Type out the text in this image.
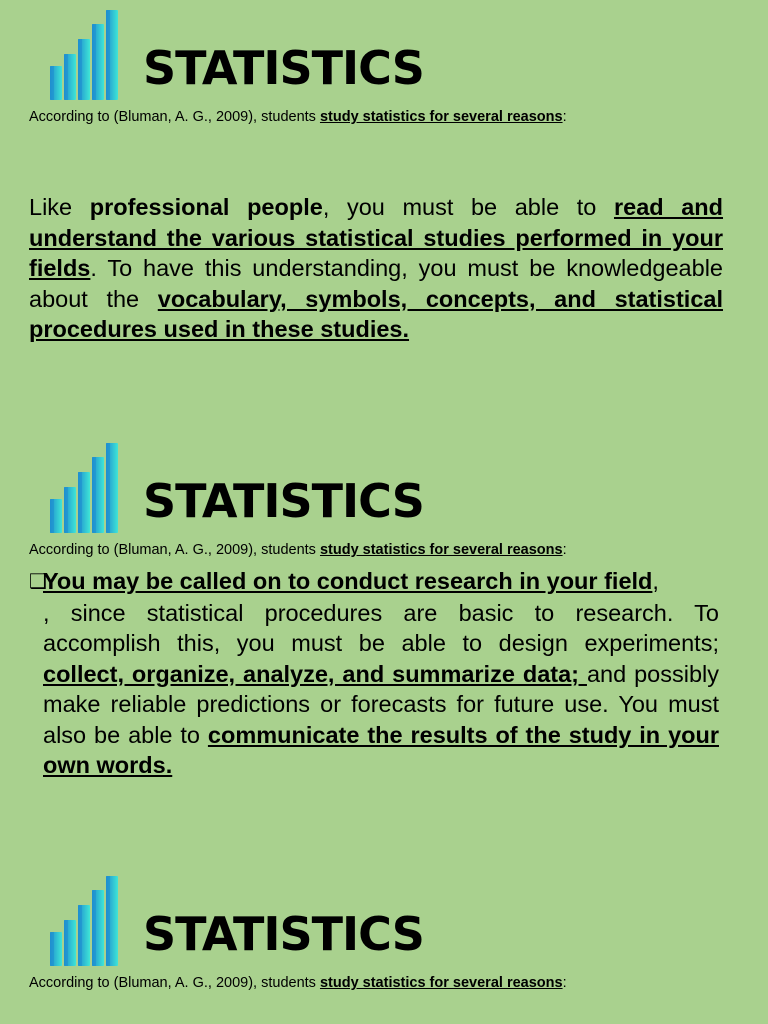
STATISTICS
According to (Bluman, A. G., 2009), students study statistics for several reasons:

Like professional people, you must be able to read and understand the various statistical studies performed in your fields. To have this understanding, you must be knowledgeable about the vocabulary, symbols, concepts, and statistical procedures used in these studies.

STATISTICS
According to (Bluman, A. G., 2009), students study statistics for several reasons:

❑You may be called on to conduct research in your field,
, since statistical procedures are basic to research. To accomplish this, you must be able to design experiments; collect, organize, analyze, and summarize data; and possibly make reliable predictions or forecasts for future use. You must also be able to communicate the results of the study in your own words.

STATISTICS
According to (Bluman, A. G., 2009), students study statistics for several reasons:
